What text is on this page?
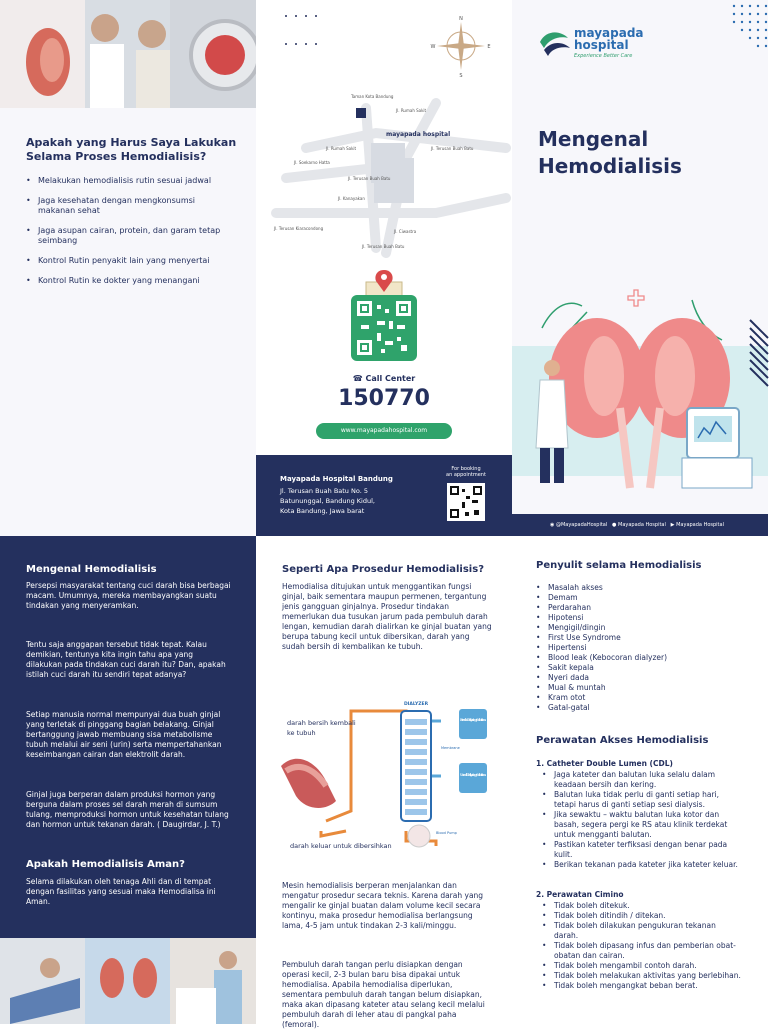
Apakah yang Harus Saya Lakukan
Selama Proses Hemodialisis?
• Melakukan hemodialisis rutin sesuai jadwal
• Jaga kesehatan dengan mengkonsumsi makanan sehat
• Jaga asupan cairan, protein, dan garam tetap seimbang
• Kontrol Rutin penyakit lain yang menyertai
• Kontrol Rutin ke dokter yang menangani
N
S
W	E
mayapada hospital
Taman Kota Bandung
Jl. Rumah Sakit
Jl. Rumah Sakit	Jl. Terusan Buah Batu
Jl. Soekarno Hatta
Jl. Terusan Buah Batu
Jl. Kanayakan
Jl. Terusan Kiaracondong
Jl. Ciwastra
Jl. Terusan Buah Batu
☎ Call Center
150770
www.mayapadahospital.com
Mayapada Hospital Bandung
Jl. Terusan Buah Batu No. 5
Batununggal, Bandung Kidul,
Kota Bandung, Jawa barat
For booking
an appointment
mayapada
hospital
Experience Better Care
Mengenal
Hemodialisis
◉ @MayapadaHospital ● Mayapada Hospital ▶ Mayapada Hospital
Mengenal Hemodialisis
Persepsi masyarakat tentang cuci darah bisa berbagai macam. Umumnya, mereka membayangkan suatu tindakan yang menyeramkan.
Tentu saja anggapan tersebut tidak tepat. Kalau demikian, tentunya kita ingin tahu apa yang dilakukan pada tindakan cuci darah itu? Dan, apakah istilah cuci darah itu sendiri tepat adanya?
Setiap manusia normal mempunyai dua buah ginjal yang terletak di pinggang bagian belakang. Ginjal bertanggung jawab membuang sisa metabolisme tubuh melalui air seni (urin) serta mempertahankan keseimbangan cairan dan elektrolit darah.
Ginjal juga berperan dalam produksi hormon yang berguna dalam proses sel darah merah di sumsum tulang, memproduksi hormon untuk kesehatan tulang dan hormon untuk tekanan darah. ( Daugirdar, J. T.)
Apakah Hemodialisis Aman?
Selama dilakukan oleh tenaga Ahli dan di tempat dengan fasilitas yang sesuai maka Hemodialisa ini Aman.
Seperti Apa Prosedur Hemodialisis?
Hemodialisa ditujukan untuk menggantikan fungsi ginjal, baik sementara maupun permenen, tergantung jenis gangguan ginjalnya. Prosedur tindakan memerlukan dua tusukan jarum pada pembuluh darah lengan, kemudian darah dialirkan ke ginjal buatan yang berupa tabung kecil untuk dibersikan, darah yang sudah bersih di kembalikan ke tubuh.
Fresh Dialyzing Solution
Used Dialyzing Solution
DIALYZER
Membrane
Blood Pump
darah bersih kembali ke tubuh
darah keluar untuk dibersihkan
Mesin hemodialisis berperan menjalankan dan mengatur prosedur secara teknis. Karena darah yang mengalir ke ginjal buatan dalam volume kecil secara kontinyu, maka prosedur hemodialisa berlangsung lama, 4-5 jam untuk tindakan 2-3 kali/minggu.
Pembuluh darah tangan perlu disiapkan dengan operasi kecil, 2-3 bulan baru bisa dipakai untuk hemodialisa. Apabila hemodialisa diperlukan, sementara pembuluh darah tangan belum disiapkan, maka akan dipasang kateter atau selang kecil melalui pembuluh darah di leher atau di pangkal paha (femoral).
Penyulit selama Hemodialisis
• Masalah akses
• Demam
• Perdarahan
• Hipotensi
• Mengigil/dingin
• First Use Syndrome
• Hipertensi
• Blood leak (Kebocoran dialyzer)
• Sakit kepala
• Nyeri dada
• Mual & muntah
• Kram otot
• Gatal-gatal
Perawatan Akses Hemodialisis
1. Catheter Double Lumen (CDL)
• Jaga kateter dan balutan luka selalu dalam keadaan bersih dan kering.
• Balutan luka tidak perlu di ganti setiap hari, tetapi harus di ganti setiap sesi dialysis.
• Jika sewaktu – waktu balutan luka kotor dan basah, segera pergi ke RS atau klinik terdekat untuk mengganti balutan.
• Pastikan kateter terfiksasi dengan benar pada kulit.
• Berikan tekanan pada kateter jika kateter keluar.
2. Perawatan Cimino
• Tidak boleh ditekuk.
• Tidak boleh ditindih / ditekan.
• Tidak boleh dilakukan pengukuran tekanan darah.
• Tidak boleh dipasang infus dan pemberian obat-obatan dan cairan.
• Tidak boleh mengambil contoh darah.
• Tidak boleh melakukan aktivitas yang berlebihan.
• Tidak boleh mengangkat beban berat.
